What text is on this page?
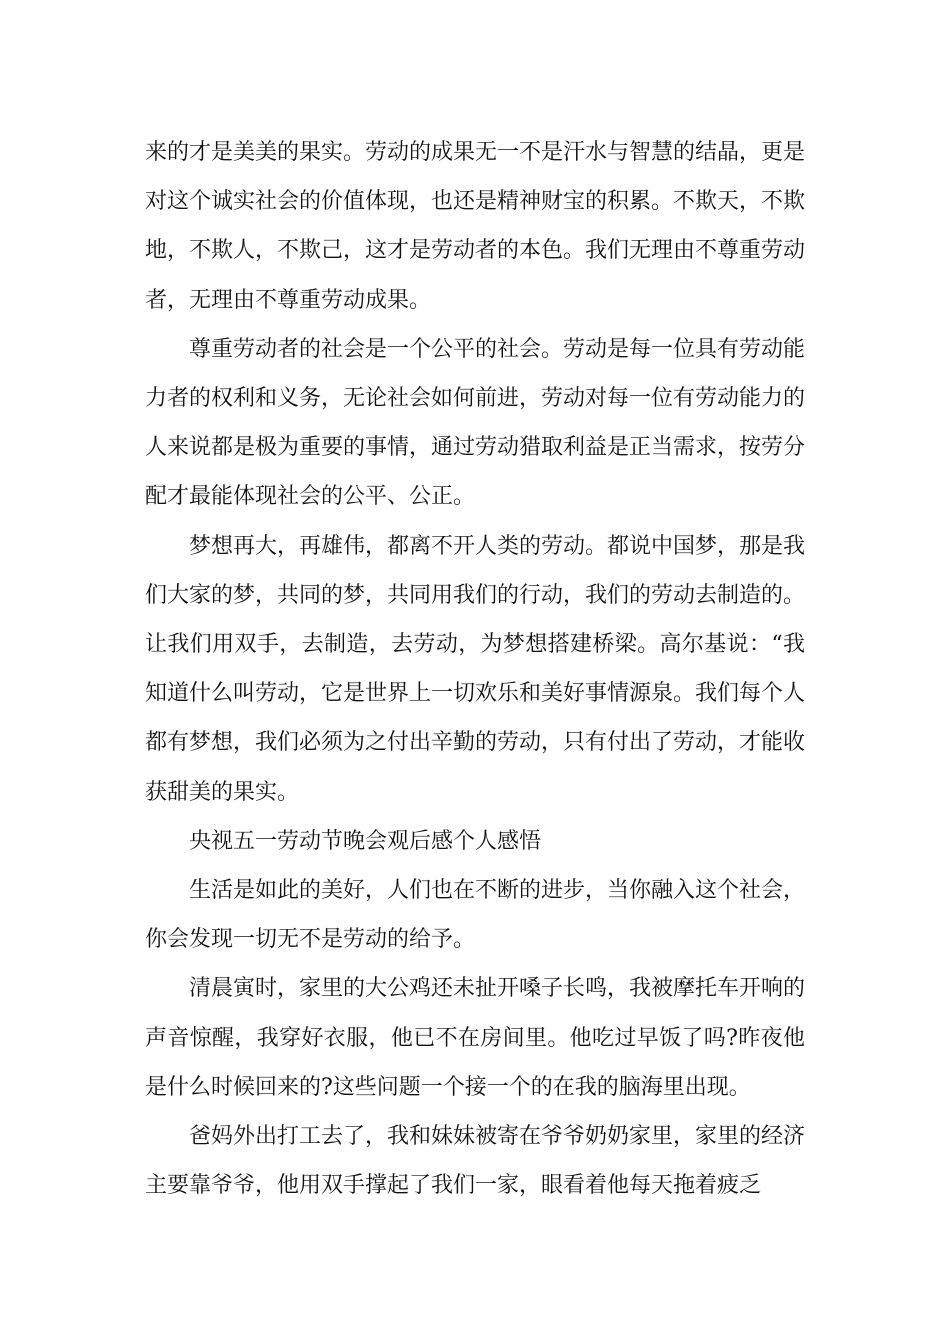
来的才是美美的果实。劳动的成果无一不是汗水与智慧的结晶，更是对这个诚实社会的价值体现，也还是精神财宝的积累。不欺天，不欺地，不欺人，不欺己，这才是劳动者的本色。我们无理由不尊重劳动者，无理由不尊重劳动成果。

尊重劳动者的社会是一个公平的社会。劳动是每一位具有劳动能力者的权利和义务，无论社会如何前进，劳动对每一位有劳动能力的人来说都是极为重要的事情，通过劳动猎取利益是正当需求，按劳分配才最能体现社会的公平、公正。

梦想再大，再雄伟，都离不开人类的劳动。都说中国梦，那是我们大家的梦，共同的梦，共同用我们的行动，我们的劳动去制造的。让我们用双手，去制造，去劳动，为梦想搭建桥梁。高尔基说：“我知道什么叫劳动，它是世界上一切欢乐和美好事情源泉。我们每个人都有梦想，我们必须为之付出辛勤的劳动，只有付出了劳动，才能收获甜美的果实。

央视五一劳动节晚会观后感个人感悟

生活是如此的美好，人们也在不断的进步，当你融入这个社会，你会发现一切无不是劳动的给予。

清晨寅时，家里的大公鸡还未扯开嗓子长鸣，我被摩托车开响的声音惊醒，我穿好衣服，他已不在房间里。他吃过早饭了吗?昨夜他是什么时候回来的?这些问题一个接一个的在我的脑海里出现。

爸妈外出打工去了，我和妹妹被寄在爷爷奶奶家里，家里的经济主要靠爷爷，他用双手撑起了我们一家，眼看着他每天拖着疲乏
